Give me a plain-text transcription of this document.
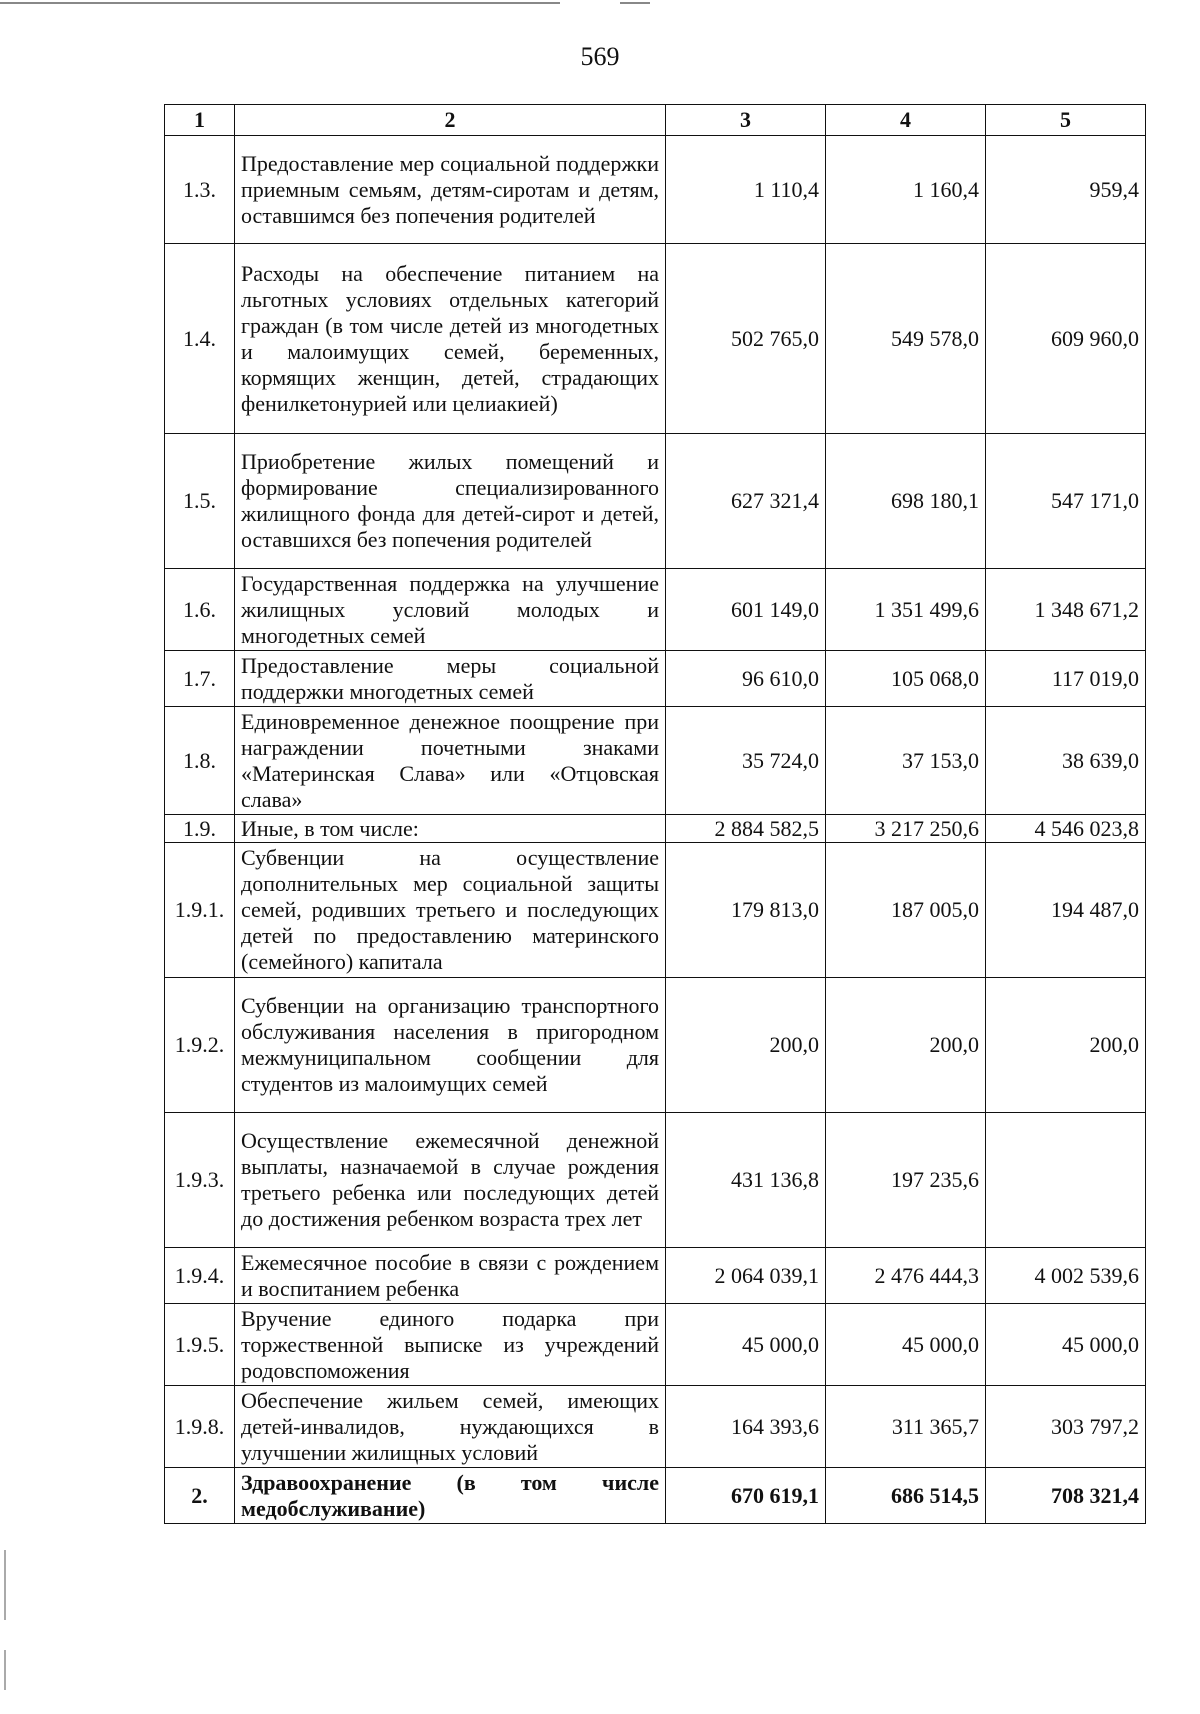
569
1	2	3	4	5
1.3.	Предоставление мер социальной поддержки приемным семьям, детям-сиротам и детям, оставшимся без попечения родителей	1 110,4	1 160,4	959,4
1.4.	Расходы на обеспечение питанием на льготных условиях отдельных категорий граждан (в том числе детей из многодетных и малоимущих семей, беременных, кормящих женщин, детей, страдающих фенилкетонурией или целиакией)	502 765,0	549 578,0	609 960,0
1.5.	Приобретение жилых помещений и формирование специализированного жилищного фонда для детей-сирот и детей, оставшихся без попечения родителей	627 321,4	698 180,1	547 171,0
1.6.	Государственная поддержка на улучшение жилищных условий молодых и многодетных семей	601 149,0	1 351 499,6	1 348 671,2
1.7.	Предоставление меры социальной поддержки многодетных семей	96 610,0	105 068,0	117 019,0
1.8.	Единовременное денежное поощрение при награждении почетными знаками «Материнская Слава» или «Отцовская слава»	35 724,0	37 153,0	38 639,0
1.9.	Иные, в том числе:	2 884 582,5	3 217 250,6	4 546 023,8
1.9.1.	Субвенции на осуществление дополнительных мер социальной защиты семей, родивших третьего и последующих детей по предоставлению материнского (семейного) капитала	179 813,0	187 005,0	194 487,0
1.9.2.	Субвенции на организацию транспортного обслуживания населения в пригородном межмуниципальном сообщении для студентов из малоимущих семей	200,0	200,0	200,0
1.9.3.	Осуществление ежемесячной денежной выплаты, назначаемой в случае рождения третьего ребенка или последующих детей до достижения ребенком возраста трех лет	431 136,8	197 235,6	
1.9.4.	Ежемесячное пособие в связи с рождением и воспитанием ребенка	2 064 039,1	2 476 444,3	4 002 539,6
1.9.5.	Вручение единого подарка при торжественной выписке из учреждений родовспоможения	45 000,0	45 000,0	45 000,0
1.9.8.	Обеспечение жильем семей, имеющих детей-инвалидов, нуждающихся в улучшении жилищных условий	164 393,6	311 365,7	303 797,2
2.	Здравоохранение (в том числе медобслуживание)	670 619,1	686 514,5	708 321,4
